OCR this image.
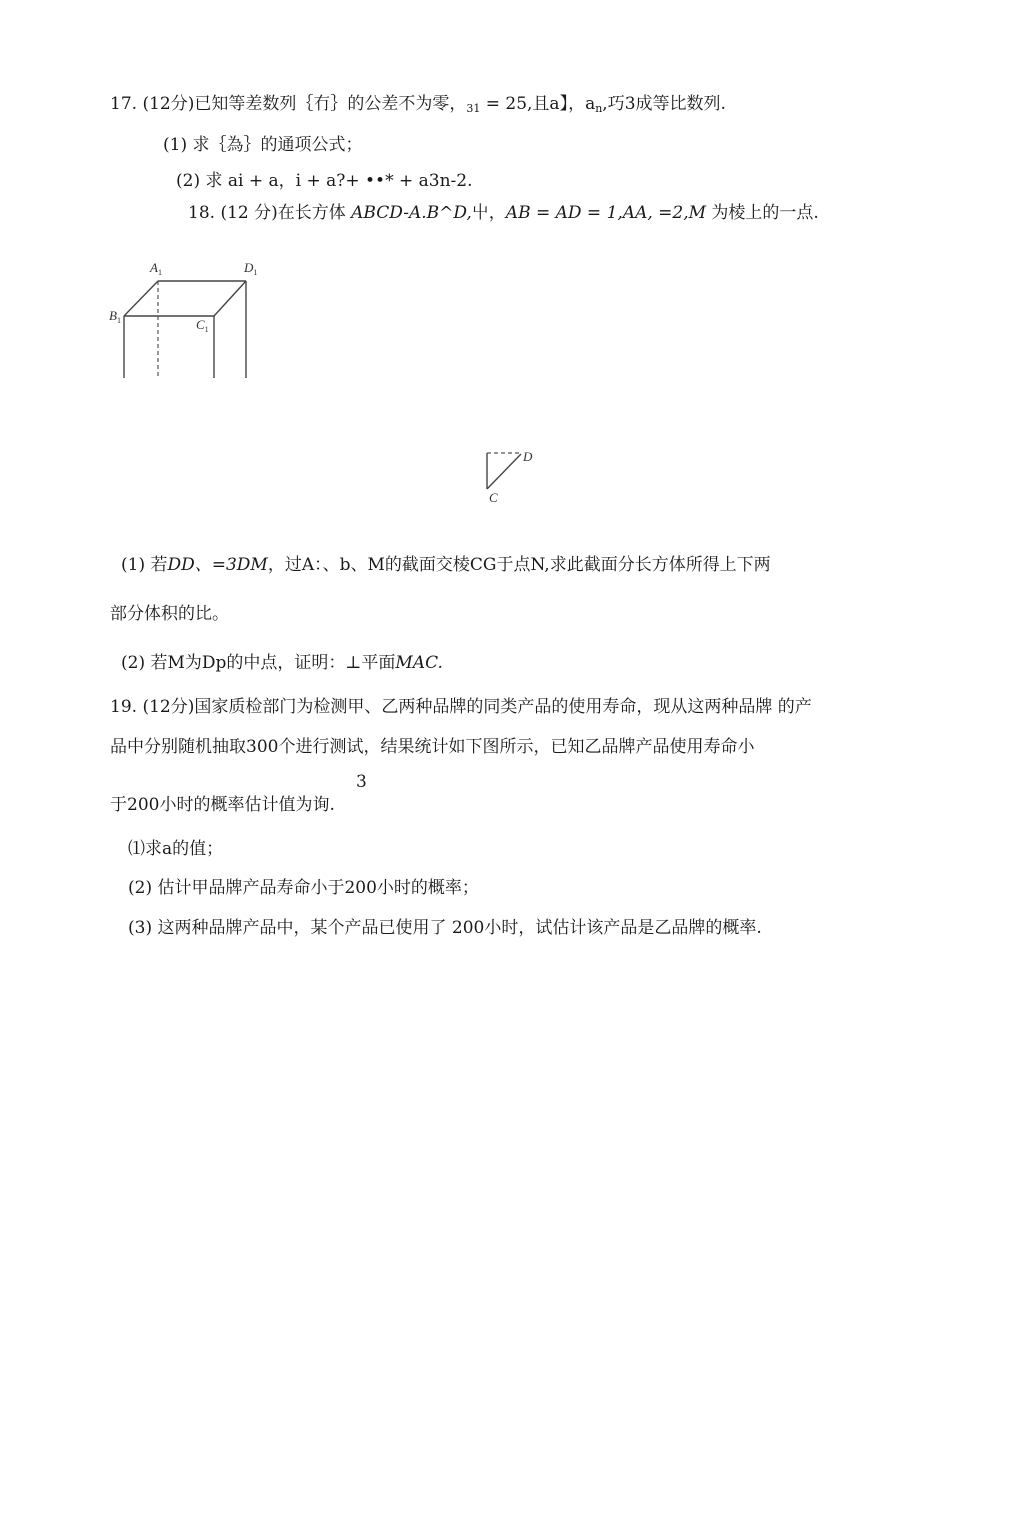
17. (12分)已知等差数列｛冇｝的公差不为零，$_{31}$ = 25,且a】，$a_n$,巧3成等比数列.
(1) 求｛為｝的通项公式；
(2) 求 ai + a，i + a?+ ••* + a3n-2.
18. (12 分)在长方体 ABCD-A.B^D,屮，AB = AD = 1,AA, =2,M 为棱上的一点.
$A_1$	$D_1$
$B_1$	$C_1$
D
C
(1) 若DD、=3DM，过A：、b、M的截面交棱CG于点N,求此截面分长方体所得上下两
部分体积的比。
(2) 若M为Dp的中点，证明：⊥平面MAC.
19. (12分)国家质检部门为检测甲、乙两种品牌的同类产品的使用寿命，现从这两种品牌 的产
品中分别随机抽取300个进行测试，结果统计如下图所示，已知乙品牌产品使用寿命小
3
于200小时的概率估计值为询.
⑴求a的值；
(2) 估计甲品牌产品寿命小于200小时的概率；
(3) 这两种品牌产品中，某个产品已使用了 200小时，试估计该产品是乙品牌的概率.
